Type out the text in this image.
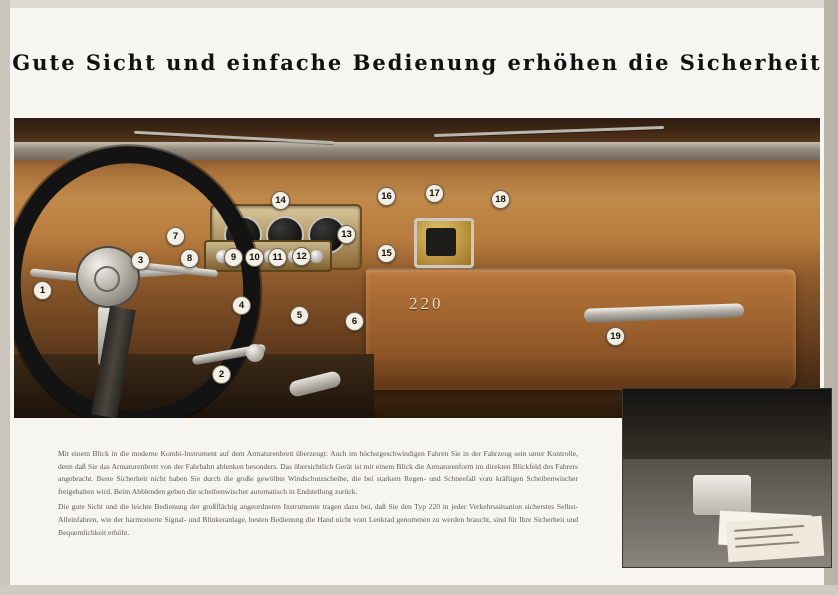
Gute Sicht und einfache Bedienung erhöhen die Sicherheit
220
1
2
3
4
5
6
7
8	9	10	11	12
13
14
15
16	17
18
19

Mit einem Blick in die moderne Kombi-Instrument auf dem Armaturenbrett überzeugt: Auch im höchstgeschwindigen Fahren Sie in der Fahrzeug sein unter Kontrolle, denn daß Sie das Armaturenbrett von der Fahrbahn ablenken besonders. Das übersichtlich Gerät ist mit einem Blick die Armaturenform im direkten Blickfeld des Fahrers angebracht. Beste Sicherheit nicht haben Sie durch die große gewölbte Windschutzscheibe, die bei starkem Regen- und Schneefall vom kräftigen Scheibenwischer freigehalten wird. Beim Abblenden geben die scheibenwischer automatisch in Endstellung zurück.

Die gute Sicht und die leichte Bedienung der großflächig angeordneten Instrumente tragen dazu bei, daß Sie den Typ 220 in jeder Verkehrssituation sicherstes Selbst-Alleinfahren, wie der harmonierte Signal- und Blinkeranlage, besten Bedienung die Hand nicht vom Lenkrad genommen zu werden braucht, sind für Ihre Sicherheit und Bequemlichkeit erhöht.
